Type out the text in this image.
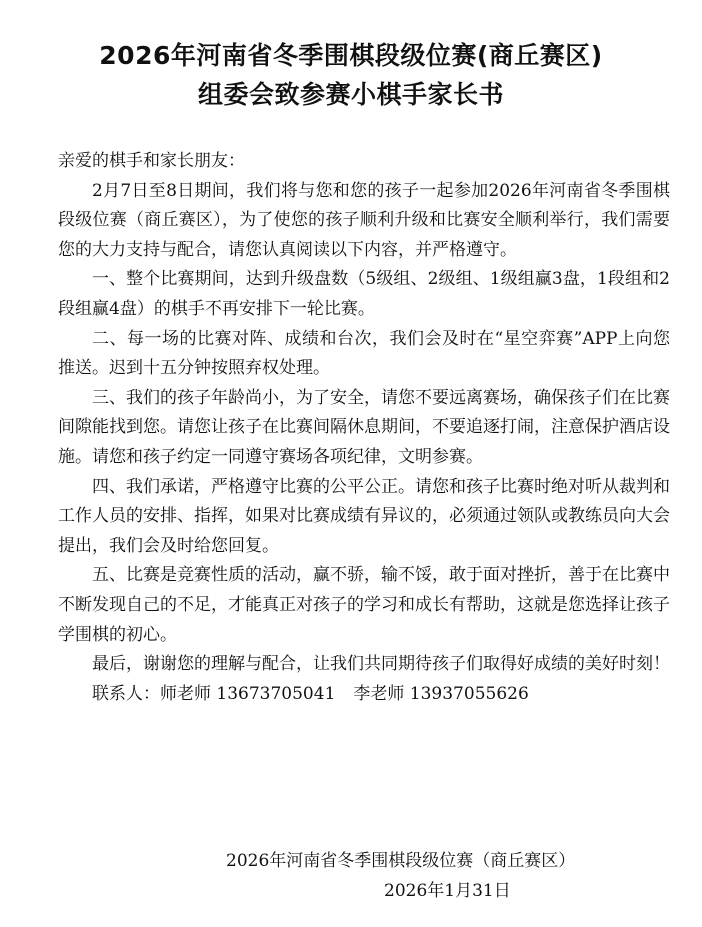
2026年河南省冬季围棋段级位赛(商丘赛区)
组委会致参赛小棋手家长书

亲爱的棋手和家长朋友：

2月7日至8日期间，我们将与您和您的孩子一起参加2026年河南省冬季围棋段级位赛（商丘赛区），为了使您的孩子顺利升级和比赛安全顺利举行，我们需要您的大力支持与配合，请您认真阅读以下内容，并严格遵守。

一、整个比赛期间，达到升级盘数（5级组、2级组、1级组赢3盘，1段组和2段组赢4盘）的棋手不再安排下一轮比赛。

二、每一场的比赛对阵、成绩和台次，我们会及时在“星空弈赛”APP上向您推送。迟到十五分钟按照弃权处理。

三、我们的孩子年龄尚小，为了安全，请您不要远离赛场，确保孩子们在比赛间隙能找到您。请您让孩子在比赛间隔休息期间，不要追逐打闹，注意保护酒店设施。请您和孩子约定一同遵守赛场各项纪律，文明参赛。

四、我们承诺，严格遵守比赛的公平公正。请您和孩子比赛时绝对听从裁判和工作人员的安排、指挥，如果对比赛成绩有异议的，必须通过领队或教练员向大会提出，我们会及时给您回复。

五、比赛是竞赛性质的活动，赢不骄，输不馁，敢于面对挫折，善于在比赛中不断发现自己的不足，才能真正对孩子的学习和成长有帮助，这就是您选择让孩子学围棋的初心。

最后，谢谢您的理解与配合，让我们共同期待孩子们取得好成绩的美好时刻！

联系人：师老师 13673705041 李老师 13937055626

2026年河南省冬季围棋段级位赛（商丘赛区）
2026年1月31日
